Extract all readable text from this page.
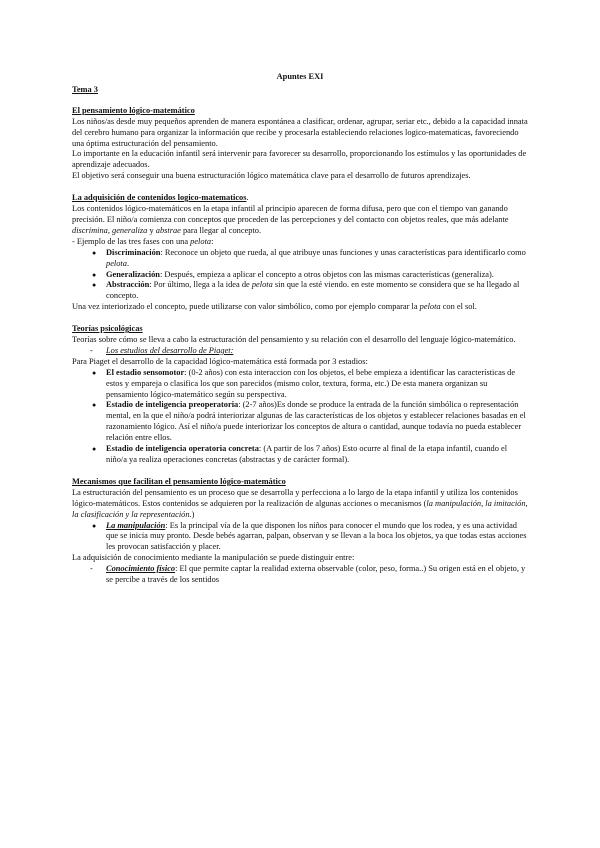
Apuntes EXI

Tema 3

El pensamiento lógico-matemático

Los niños/as desde muy pequeños aprenden de manera espontánea a clasificar, ordenar, agrupar, seriar etc., debido a la capacidad innata del cerebro humano para organizar la información que recibe y procesarla estableciendo relaciones logico-matematicas, favoreciendo una óptima estructuración del pensamiento.

Lo importante en la educación infantil será intervenir para favorecer su desarrollo, proporcionando los estímulos y las oportunidades de aprendizaje adecuados.

El objetivo será conseguir una buena estructuración lógico matemática clave para el desarrollo de futuros aprendizajes.

La adquisición de contenidos logico-matematicos.

Los contenidos lógico-matemáticos en la etapa infantil al principio aparecen de forma difusa, pero que con el tiempo van ganando precisión. El niño/a comienza con conceptos que proceden de las percepciones y del contacto con objetos reales, que más adelante discrimina, generaliza y abstrae para llegar al concepto.

- Ejemplo de las tres fases con una pelota:

● Discriminación: Reconoce un objeto que rueda, al que atribuye unas funciones y unas características para identificarlo como pelota.
● Generalización: Después, empieza a aplicar el concepto a otros objetos con las mismas características (generaliza).
● Abstracción: Por último, llega a la idea de pelota sin que la esté viendo. en este momento se considera que se ha llegado al concepto.

Una vez interiorizado el concepto, puede utilizarse con valor simbólico, como por ejemplo comparar la pelota con el sol.

Teorías psicológicas

Teorías sobre cómo se lleva a cabo la estructuración del pensamiento y su relación con el desarrollo del lenguaje lógico-matemático.

- Los estudios del desarrollo de Piaget:

Para Piaget el desarrollo de la capacidad lógico-matemática está formada por 3 estadios:

● El estadio sensomotor: (0-2 años) con esta interaccion con los objetos, el bebe empieza a identificar las características de estos y empareja o clasifica los que son parecidos (mismo color, textura, forma, etc.) De esta manera organizan su pensamiento lógico-matemático según su perspectiva.
● Estadio de inteligencia preoperatoria: (2-7 años)Es donde se produce la entrada de la función simbólica o representación mental, en la que el niño/a podrá interiorizar algunas de las características de los objetos y establecer relaciones basadas en el razonamiento lógico. Así el niño/a puede interiorizar los conceptos de altura o cantidad, aunque todavía no pueda establecer relación entre ellos.
● Estadio de inteligencia operatoria concreta: (A partir de los 7 años) Esto ocurre al final de la etapa infantil, cuando el niño/a ya realiza operaciones concretas (abstractas y de carácter formal).

Mecanismos que facilitan el pensamiento lógico-matemático

La estructuración del pensamiento es un proceso que se desarrolla y perfecciona a lo largo de la etapa infantil y utiliza los contenidos lógico-matemáticos. Estos contenidos se adquieren por la realización de algunas acciones o mecanismos (la manipulación, la imitación, la clasificación y la representación.)

● La manipulación: Es la principal vía de la que disponen los niños para conocer el mundo que los rodea, y es una actividad que se inicia muy pronto. Desde bebés agarran, palpan, observan y se llevan a la boca los objetos, ya que todas estas acciones les provocan satisfacción y placer.

La adquisición de conocimiento mediante la manipulación se puede distinguir entre:

- Conocimiento físico: El que permite captar la realidad externa observable (color, peso, forma..) Su origen está en el objeto, y se percibe a través de los sentidos
